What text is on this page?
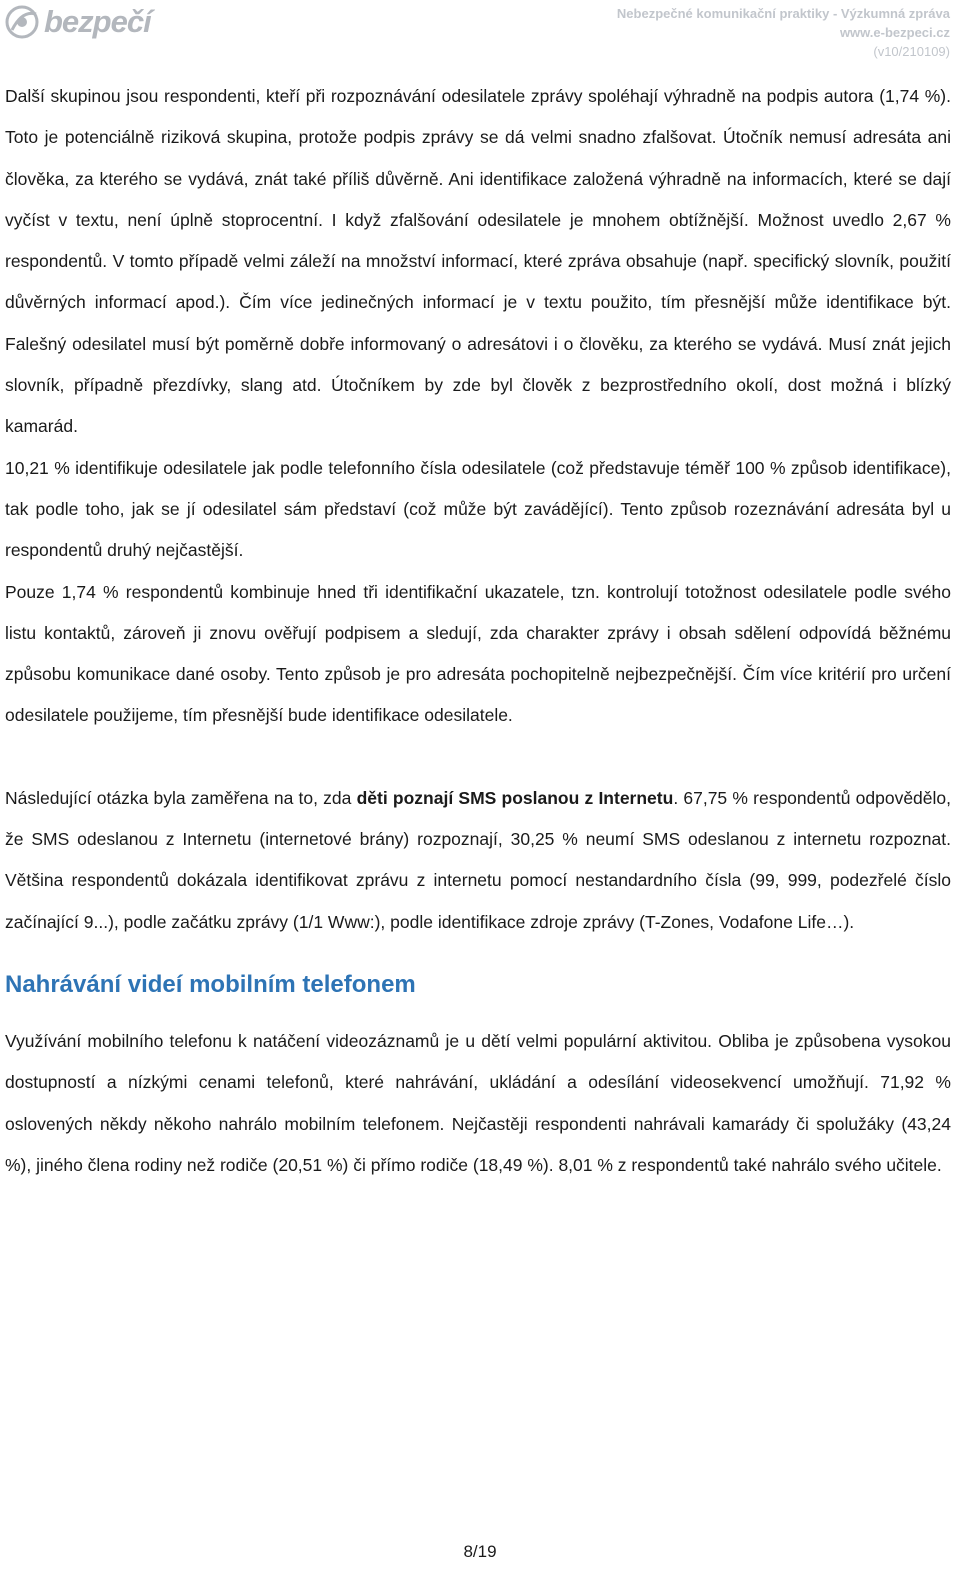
bezpečí	Nebezpečné komunikační praktiky - Výzkumná zpráva
www.e-bezpeci.cz
(v10/210109)

Další skupinou jsou respondenti, kteří při rozpoznávání odesilatele zprávy spoléhají výhradně na podpis autora (1,74 %). Toto je potenciálně riziková skupina, protože podpis zprávy se dá velmi snadno zfalšovat. Útočník nemusí adresáta ani člověka, za kterého se vydává, znát také příliš důvěrně. Ani identifikace založená výhradně na informacích, které se dají vyčíst v textu, není úplně stoprocentní. I když zfalšování odesilatele je mnohem obtížnější. Možnost uvedlo 2,67 % respondentů. V tomto případě velmi záleží na množství informací, které zpráva obsahuje (např. specifický slovník, použití důvěrných informací apod.). Čím více jedinečných informací je v textu použito, tím přesnější může identifikace být. Falešný odesilatel musí být poměrně dobře informovaný o adresátovi i o člověku, za kterého se vydává. Musí znát jejich slovník, případně přezdívky, slang atd. Útočníkem by zde byl člověk z bezprostředního okolí, dost možná i blízký kamarád.

10,21 % identifikuje odesilatele jak podle telefonního čísla odesilatele (což představuje téměř 100 % způsob identifikace), tak podle toho, jak se jí odesilatel sám představí (což může být zavádějící). Tento způsob rozeznávání adresáta byl u respondentů druhý nejčastější.

Pouze 1,74 % respondentů kombinuje hned tři identifikační ukazatele, tzn. kontrolují totožnost odesilatele podle svého listu kontaktů, zároveň ji znovu ověřují podpisem a sledují, zda charakter zprávy i obsah sdělení odpovídá běžnému způsobu komunikace dané osoby. Tento způsob je pro adresáta pochopitelně nejbezpečnější. Čím více kritérií pro určení odesilatele použijeme, tím přesnější bude identifikace odesilatele.

Následující otázka byla zaměřena na to, zda děti poznají SMS poslanou z Internetu. 67,75 % respondentů odpovědělo, že SMS odeslanou z Internetu (internetové brány) rozpoznají, 30,25 % neumí SMS odeslanou z internetu rozpoznat. Většina respondentů dokázala identifikovat zprávu z internetu pomocí nestandardního čísla (99, 999, podezřelé číslo začínající 9...), podle začátku zprávy (1/1 Www:), podle identifikace zdroje zprávy (T-Zones, Vodafone Life…).

Nahrávání videí mobilním telefonem

Využívání mobilního telefonu k natáčení videozáznamů je u dětí velmi populární aktivitou. Obliba je způsobena vysokou dostupností a nízkými cenami telefonů, které nahrávání, ukládání a odesílání videosekvencí umožňují. 71,92 % oslovených někdy někoho nahrálo mobilním telefonem. Nejčastěji respondenti nahrávali kamarády či spolužáky (43,24 %), jiného člena rodiny než rodiče (20,51 %) či přímo rodiče (18,49 %). 8,01 % z respondentů také nahrálo svého učitele.

8/19
